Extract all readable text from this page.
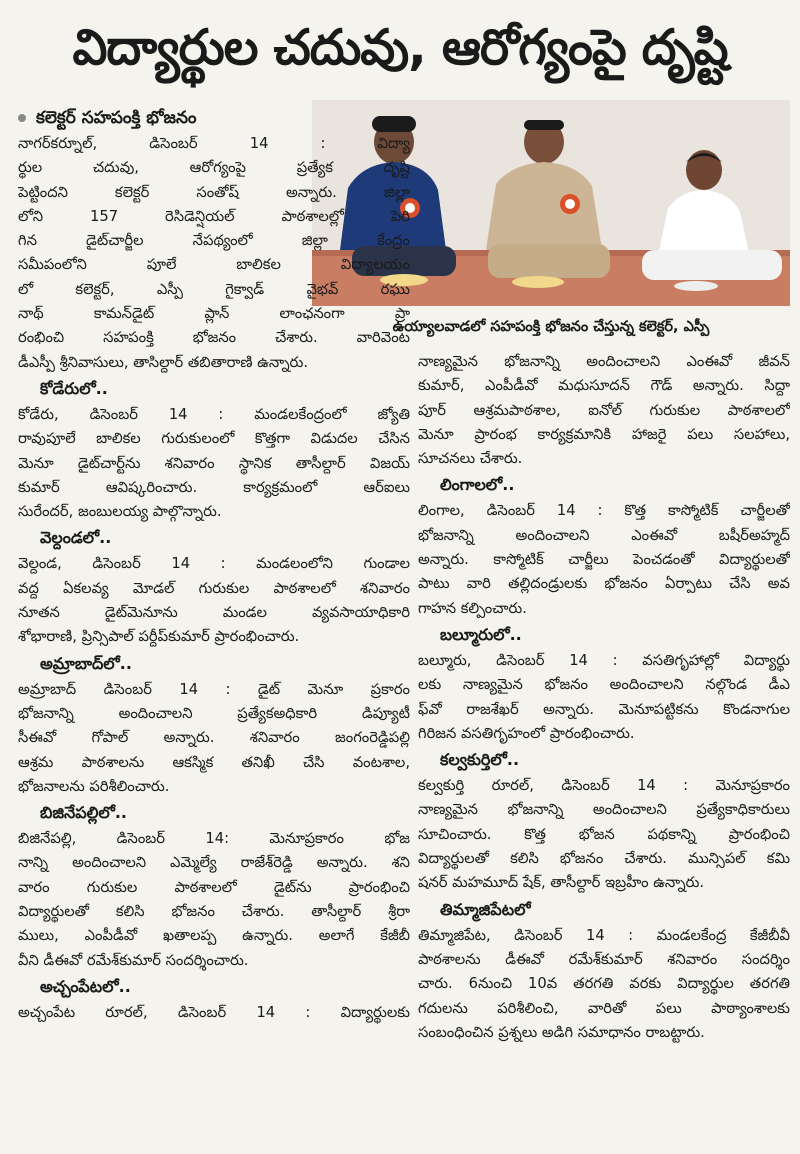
విద్యార్థుల చదువు, ఆరోగ్యంపై దృష్టి
కలెక్టర్ సహపంక్తి భోజనం
ఉయ్యాలవాడలో సహపంక్తి భోజనం చేస్తున్న కలెక్టర్, ఎస్పీ
నాగర్‌కర్నూల్, డిసెంబర్ 14 : విద్యా
ర్థుల చదువు, ఆరోగ్యంపై ప్రత్యేక దృష్టి
పెట్టిందని కలెక్టర్ సంతోష్ అన్నారు. జిల్లా
లోని 157 రెసిడెన్షియల్ పాఠశాలల్లో పెరి
గిన డైట్‌చార్జీల నేపథ్యంలో జిల్లా కేంద్రం
సమీపంలోని పూలే బాలికల విద్యాలయం
లో కలెక్టర్, ఎస్పీ గైక్వాడ్ వైభవ్ రఘు
నాథ్ కామన్‌డైట్ ప్లాన్ లాంఛనంగా ప్రా
రంభించి సహపంక్తి భోజనం చేశారు. వారివెంట
డీఎస్పీ శ్రీనివాసులు, తాసిల్దార్ తబితారాణి ఉన్నారు.
కోడేరులో..
కోడేరు, డిసెంబర్ 14 : మండలకేంద్రంలో జ్యోతి
రావుపూలే బాలికల గురుకులంలో కొత్తగా విడుదల చేసిన
మెనూ డైట్‌చార్ట్‌ను శనివారం స్థానిక తాసీల్దార్ విజయ్
కుమార్ ఆవిష్కరించారు. కార్యక్రమంలో ఆర్‌ఐలు
సురేందర్, జంబులయ్య పాల్గొన్నారు.
వెల్దండలో..
వెల్దండ, డిసెంబర్ 14 : మండలంలోని గుండాల
వద్ద ఏకలవ్య మోడల్ గురుకుల పాఠశాలలో శనివారం
నూతన డైట్‌మెనూను మండల వ్యవసాయాధికారి
శోభారాణి, ప్రిన్సిపాల్ పర్దీప్‌కుమార్ ప్రారంభించారు.
అమ్రాబాద్‌లో..
అమ్రాబాద్ డిసెంబర్ 14 : డైట్ మెనూ ప్రకారం
భోజనాన్ని అందించాలని ప్రత్యేకఅధికారి డిప్యూటీ
సీఈవో గోపాల్ అన్నారు. శనివారం జంగంరెడ్డిపల్లి
ఆశ్రమ పాఠశాలను ఆకస్మిక తనిఖీ చేసి వంటశాల,
భోజనాలను పరిశీలించారు.
బిజినేపల్లిలో..
బిజినేపల్లి, డిసెంబర్ 14: మెనూప్రకారం భోజ
నాన్ని అందించాలని ఎమ్మెల్యే రాజేశ్‌రెడ్డి అన్నారు. శని
వారం గురుకుల పాఠశాలలో డైట్‌ను ప్రారంభించి
విద్యార్థులతో కలిసి భోజనం చేశారు. తాసీల్దార్ శ్రీరా
ములు, ఎంపీడీవో ఖతాలప్ప ఉన్నారు. అలాగే కేజీబీ
వీని డీఈవో రమేశ్‌కుమార్ సందర్శించారు.
అచ్చంపేటలో..
అచ్చంపేట రూరల్, డిసెంబర్ 14 : విద్యార్థులకు
నాణ్యమైన భోజనాన్ని అందించాలని ఎంఈవో జీవన్
కుమార్, ఎంపీడీవో మధుసూదన్ గౌడ్ అన్నారు. సిద్దా
పూర్ ఆశ్రమపాఠశాల, ఐనోల్ గురుకుల పాఠశాలలో
మెనూ ప్రారంభ కార్యక్రమానికి హాజరై పలు సలహాలు,
సూచనలు చేశారు.
లింగాలలో..
లింగాల, డిసెంబర్ 14 : కొత్త కాస్మోటిక్ చార్జీలతో
భోజనాన్ని అందించాలని ఎంఈవో బషీర్‌అహ్మద్
అన్నారు. కాస్మోటిక్ చార్జీలు పెంచడంతో విద్యార్థులతో
పాటు వారి తల్లిదండ్రులకు భోజనం ఏర్పాటు చేసి అవ
గాహన కల్పించారు.
బల్మూరులో..
బల్మూరు, డిసెంబర్ 14 : వసతిగృహాల్లో విద్యార్థు
లకు నాణ్యమైన భోజనం అందించాలని నల్గొండ డీఎ
ఫ్‌వో రాజశేఖర్ అన్నారు. మెనూపట్టికను కొండనాగుల
గిరిజన వసతిగృహంలో ప్రారంభించారు.
కల్వకుర్తిలో..
కల్వకుర్తి రూరల్, డిసెంబర్ 14 : మెనూప్రకారం
నాణ్యమైన భోజనాన్ని అందించాలని ప్రత్యేకాధికారులు
సూచించారు. కొత్త భోజన పథకాన్ని ప్రారంభించి
విద్యార్థులతో కలిసి భోజనం చేశారు. మున్సిపల్ కమి
షనర్ మహమూద్ షేక్, తాసీల్దార్ ఇబ్రహీం ఉన్నారు.
తిమ్మాజిపేటలో
తిమ్మాజిపేట, డిసెంబర్ 14 : మండలకేంద్ర కేజీబీవీ
పాఠశాలను డీఈవో రమేశ్‌కుమార్ శనివారం సందర్శిం
చారు. 6నుంచి 10వ తరగతి వరకు విద్యార్థుల తరగతి
గదులను పరిశీలించి, వారితో పలు పాఠ్యాంశాలకు
సంబంధించిన ప్రశ్నలు అడిగి సమాధానం రాబట్టారు.
